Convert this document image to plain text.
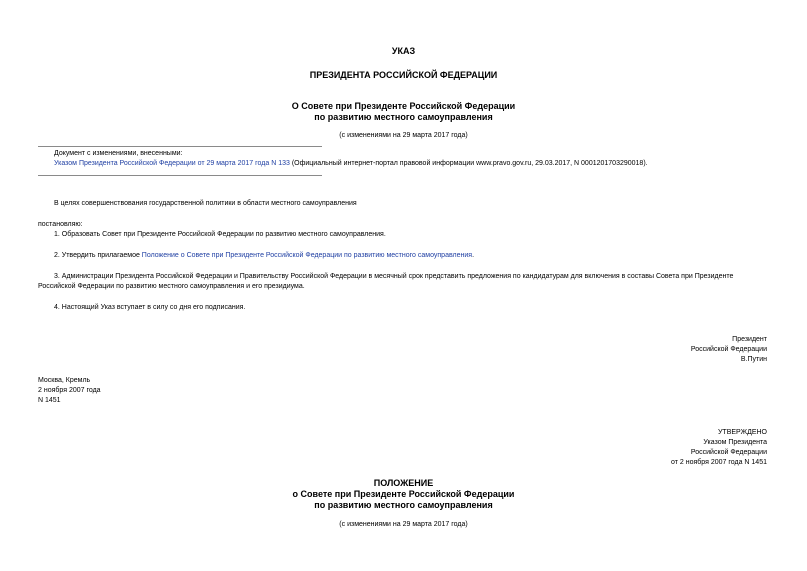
УКАЗ
ПРЕЗИДЕНТА РОССИЙСКОЙ ФЕДЕРАЦИИ
О Совете при Президенте Российской Федерации
по развитию местного самоуправления
(с изменениями на 29 марта 2017 года)
Документ с изменениями, внесенными:
Указом Президента Российской Федерации от 29 марта 2017 года N 133 (Официальный интернет-портал правовой информации www.pravo.gov.ru, 29.03.2017, N 0001201703290018).
В целях совершенствования государственной политики в области местного самоуправления
постановляю:
1. Образовать Совет при Президенте Российской Федерации по развитию местного самоуправления.
2. Утвердить прилагаемое Положение о Совете при Президенте Российской Федерации по развитию местного самоуправления.
3. Администрации Президента Российской Федерации и Правительству Российской Федерации в месячный срок представить предложения по кандидатурам для включения в составы Совета при Президенте
Российской Федерации по развитию местного самоуправления и его президиума.
4. Настоящий Указ вступает в силу со дня его подписания.
Президент
Российской Федерации
В.Путин
Москва, Кремль
2 ноября 2007 года
N 1451
УТВЕРЖДЕНО
Указом Президента
Российской Федерации
от 2 ноября 2007 года N 1451
ПОЛОЖЕНИЕ
о Совете при Президенте Российской Федерации
по развитию местного самоуправления
(с изменениями на 29 марта 2017 года)
